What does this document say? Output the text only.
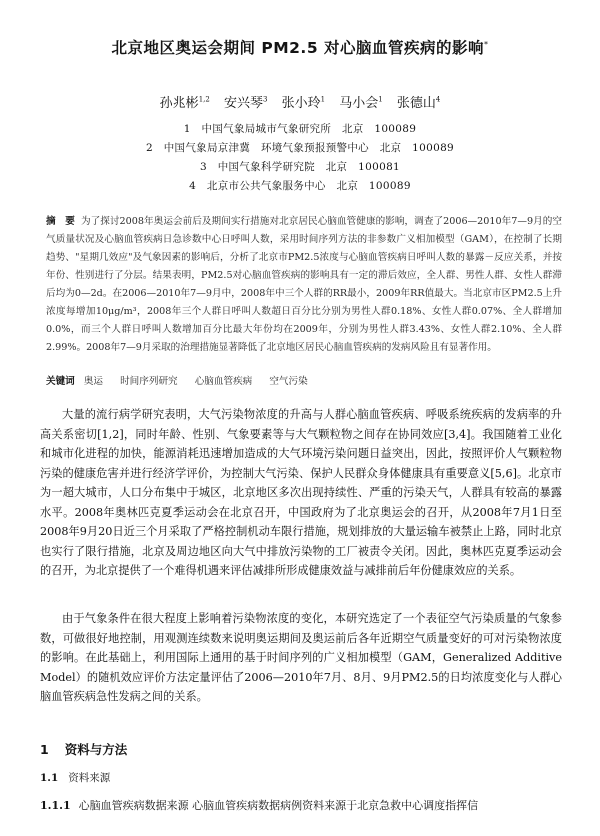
北京地区奥运会期间 PM2.5 对心脑血管疾病的影响*
孙兆彬$^{1,2}$ 安兴琴$^3$ 张小玲$^1$ 马小会$^1$ 张德山$^4$
1　中国气象局城市气象研究所　北京　100089
2　中国气象局京津冀　环境气象预报预警中心　北京　100089
3　中国气象科学研究院　北京　100081
4　北京市公共气象服务中心　北京　100089
摘　要 为了探讨2008年奥运会前后及期间实行措施对北京居民心脑血管健康的影响，调查了2006—2010年7—9月的空气质量状况及心脑血管疾病日急诊数中心日呼叫人数，采用时间序列方法的非参数广义相加模型（GAM），在控制了长期趋势、"星期几效应"及气象因素的影响后，分析了北京市PM2.5浓度与心脑血管疾病日呼叫人数的暴露－反应关系，并按年份、性别进行了分层。结果表明，PM2.5对心脑血管疾病的影响具有一定的滞后效应，全人群、男性人群、女性人群滞后均为0—2d。在2006—2010年7—9月中，2008年中三个人群的RR最小，2009年RR值最大。当北京市区PM2.5上升浓度每增加10μg/m³，2008年三个人群日呼叫人数超日百分比分别为男性人群0.18%、女性人群0.07%、全人群增加0.0%，而三个人群日呼叫人数增加百分比最大年份均在2009年，分别为男性人群3.43%、女性人群2.10%、全人群2.99%。2008年7—9月采取的治理措施显著降低了北京地区居民心脑血管疾病的发病风险且有显著作用。
关键词 奥运 时间序列研究 心脑血管疾病 空气污染

大量的流行病学研究表明，大气污染物浓度的升高与人群心脑血管疾病、呼吸系统疾病的发病率的升高关系密切[1,2]，同时年龄、性别、气象要素等与大气颗粒物之间存在协同效应[3,4]。我国随着工业化和城市化进程的加快，能源消耗迅速增加造成的大气环境污染问题日益突出，因此，按照评价人气颗粒物污染的健康危害并进行经济学评价，为控制大气污染、保护人民群众身体健康具有重要意义[5,6]。北京市为一超大城市，人口分布集中于城区，北京地区多次出现持续性、严重的污染天气，人群具有较高的暴露水平。2008年奥林匹克夏季运动会在北京召开，中国政府为了北京奥运会的召开，从2008年7月1日至2008年9月20日近三个月采取了严格控制机动车限行措施，规划排放的大量运输车被禁止上路，同时北京也实行了限行措施，北京及周边地区向大气中排放污染物的工厂被责令关闭。因此，奥林匹克夏季运动会的召开，为北京提供了一个难得机遇来评估减排所形成健康效益与减排前后年份健康效应的关系。

由于气象条件在很大程度上影响着污染物浓度的变化，本研究选定了一个表征空气污染质量的气象参数，可做很好地控制，用观测连续数来说明奥运期间及奥运前后各年近期空气质量变好的可对污染物浓度的影响。在此基础上，利用国际上通用的基于时间序列的广义相加模型（GAM，Generalized Additive Model）的随机效应评价方法定量评估了2006—2010年7月、8月、9月PM2.5的日均浓度变化与人群心脑血管疾病急性发病之间的关系。

1 资料与方法
1.1 资料来源
1.1.1 心脑血管疾病数据来源 心脑血管疾病数据病例资料来源于北京急救中心调度指挥信
